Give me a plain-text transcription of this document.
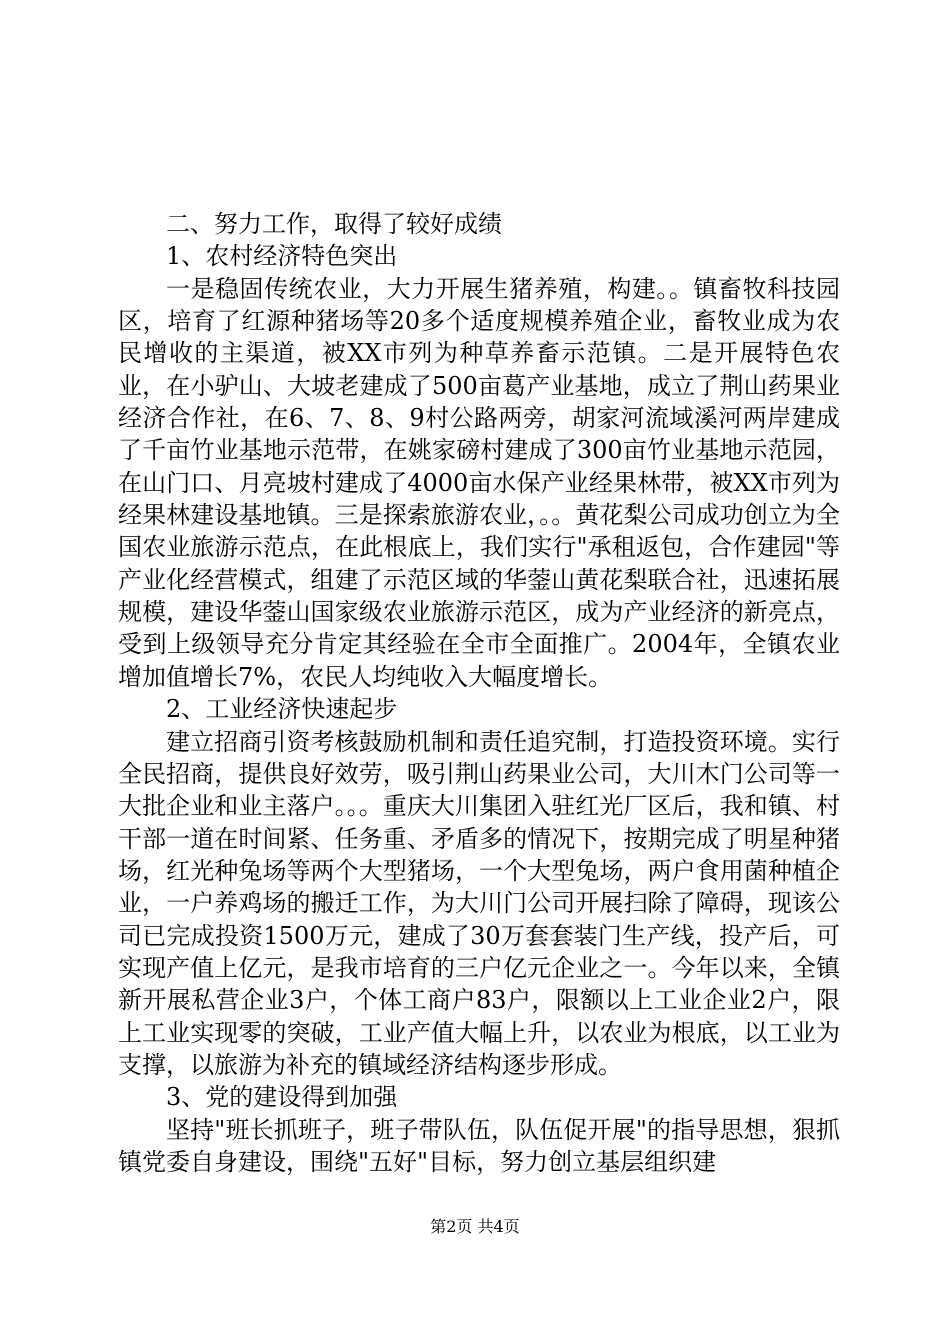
二、努力工作，取得了较好成绩

1、农村经济特色突出

一是稳固传统农业，大力开展生猪养殖，构建。。镇畜牧科技园区，培育了红源种猪场等20多个适度规模养殖企业，畜牧业成为农民增收的主渠道，被XX市列为种草养畜示范镇。二是开展特色农业，在小驴山、大坡老建成了500亩葛产业基地，成立了荆山药果业经济合作社，在6、7、8、9村公路两旁，胡家河流域溪河两岸建成了千亩竹业基地示范带，在姚家磅村建成了300亩竹业基地示范园，在山门口、月亮坡村建成了4000亩水保产业经果林带，被XX市列为经果林建设基地镇。三是探索旅游农业，。。黄花梨公司成功创立为全国农业旅游示范点，在此根底上，我们实行"承租返包，合作建园"等产业化经营模式，组建了示范区域的华蓥山黄花梨联合社，迅速拓展规模，建设华蓥山国家级农业旅游示范区，成为产业经济的新亮点，受到上级领导充分肯定其经验在全市全面推广。2004年，全镇农业增加值增长7%，农民人均纯收入大幅度增长。

2、工业经济快速起步

建立招商引资考核鼓励机制和责任追究制，打造投资环境。实行全民招商，提供良好效劳，吸引荆山药果业公司，大川木门公司等一大批企业和业主落户。。。重庆大川集团入驻红光厂区后，我和镇、村干部一道在时间紧、任务重、矛盾多的情况下，按期完成了明星种猪场，红光种兔场等两个大型猪场，一个大型兔场，两户食用菌种植企业，一户养鸡场的搬迁工作，为大川门公司开展扫除了障碍，现该公司已完成投资1500万元，建成了30万套套装门生产线，投产后，可实现产值上亿元，是我市培育的三户亿元企业之一。今年以来，全镇新开展私营企业3户，个体工商户83户，限额以上工业企业2户，限上工业实现零的突破，工业产值大幅上升，以农业为根底，以工业为支撑，以旅游为补充的镇域经济结构逐步形成。

3、党的建设得到加强

坚持"班长抓班子，班子带队伍，队伍促开展"的指导思想，狠抓镇党委自身建设，围绕"五好"目标，努力创立基层组织建

第2页 共4页
